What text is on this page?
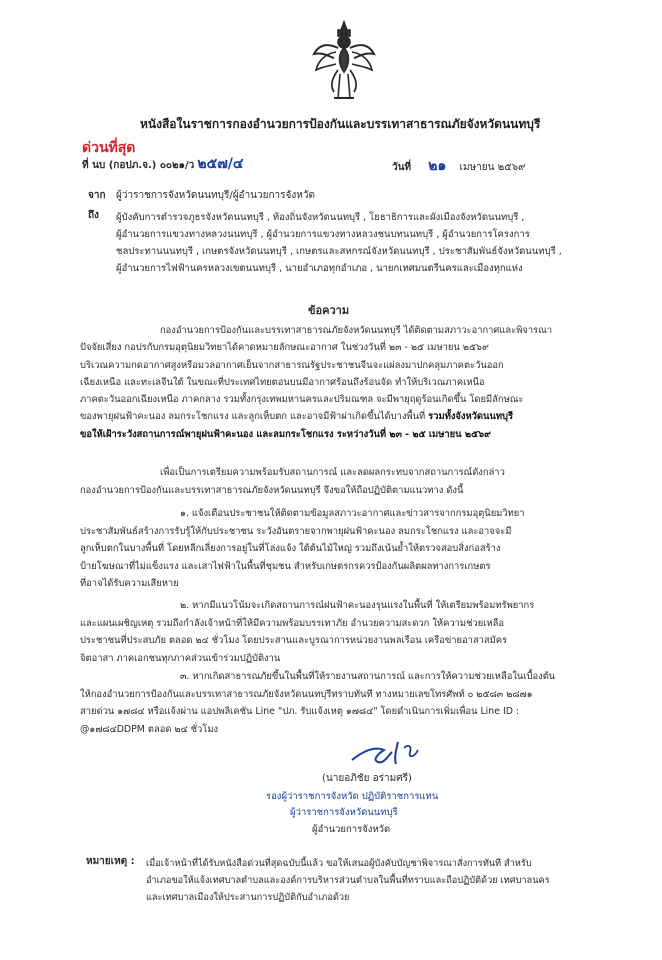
หนังสือในราชการกองอำนวยการป้องกันและบรรเทาสาธารณภัยจังหวัดนนทบุรี
ด่วนที่สุด
ที่ นบ (กอปภ.จ.) ๐๐๒๑/ว ๒๕๗/๔	วันที่ ๒๑ เมษายน ๒๕๖๙
จาก ผู้ว่าราชการจังหวัดนนทบุรี/ผู้อำนวยการจังหวัด
ถึง ผู้บังคับการตำรวจภูธรจังหวัดนนทบุรี , ท้องถิ่นจังหวัดนนทบุรี , โยธาธิการและผังเมืองจังหวัดนนทบุรี ,
ผู้อำนวยการแขวงทางหลวงนนทบุรี , ผู้อำนวยการแขวงทางหลวงชนบทนนทบุรี , ผู้อำนวยการโครงการ
ชลประทานนนทบุรี , เกษตรจังหวัดนนทบุรี , เกษตรและสหกรณ์จังหวัดนนทบุรี , ประชาสัมพันธ์จังหวัดนนทบุรี ,
ผู้อำนวยการไฟฟ้านครหลวงเขตนนทบุรี , นายอำเภอทุกอำเภอ , นายกเทศมนตรีนครและเมืองทุกแห่ง
ข้อความ
กองอำนวยการป้องกันและบรรเทาสาธารณภัยจังหวัดนนทบุรี ได้ติดตามสภาวะอากาศและพิจารณา
ปัจจัยเสี่ยง กอปรกับกรมอุตุนิยมวิทยาได้คาดหมายลักษณะอากาศ ในช่วงวันที่ ๒๓ - ๒๕ เมษายน ๒๕๖๙
บริเวณความกดอากาศสูงหรือมวลอากาศเย็นจากสาธารณรัฐประชาชนจีนจะแผ่ลงมาปกคลุมภาคตะวันออก
เฉียงเหนือ และทะเลจีนใต้ ในขณะที่ประเทศไทยตอนบนมีอากาศร้อนถึงร้อนจัด ทำให้บริเวณภาคเหนือ
ภาคตะวันออกเฉียงเหนือ ภาคกลาง รวมทั้งกรุงเทพมหานครและปริมณฑล จะมีพายุฤดูร้อนเกิดขึ้น โดยมีลักษณะ
ของพายุฝนฟ้าคะนอง ลมกระโชกแรง และลูกเห็บตก และอาจมีฟ้าผ่าเกิดขึ้นได้บางพื้นที่ รวมทั้งจังหวัดนนทบุรี
ขอให้เฝ้าระวังสถานการณ์พายุฝนฟ้าคะนอง และลมกระโชกแรง ระหว่างวันที่ ๒๓ - ๒๕ เมษายน ๒๕๖๙
เพื่อเป็นการเตรียมความพร้อมรับสถานการณ์ และลดผลกระทบจากสถานการณ์ดังกล่าว
กองอำนวยการป้องกันและบรรเทาสาธารณภัยจังหวัดนนทบุรี จึงขอให้ถือปฏิบัติตามแนวทาง ดังนี้
๑. แจ้งเตือนประชาชนให้ติดตามข้อมูลสภาวะอากาศและข่าวสารจากกรมอุตุนิยมวิทยา
ประชาสัมพันธ์สร้างการรับรู้ให้กับประชาชน ระวังอันตรายจากพายุฝนฟ้าคะนอง ลมกระโชกแรง และอาจจะมี
ลูกเห็บตกในบางพื้นที่ โดยหลีกเลี่ยงการอยู่ในที่โล่งแจ้ง ใต้ต้นไม้ใหญ่ รวมถึงเน้นย้ำให้ตรวจสอบสิ่งก่อสร้าง
ป้ายโฆษณาที่ไม่แข็งแรง และเสาไฟฟ้าในพื้นที่ชุมชน สำหรับเกษตรกรควรป้องกันผลิตผลทางการเกษตร
ที่อาจได้รับความเสียหาย
๒. หากมีแนวโน้มจะเกิดสถานการณ์ฝนฟ้าคะนองรุนแรงในพื้นที่ ให้เตรียมพร้อมทรัพยากร
และแผนเผชิญเหตุ รวมถึงกำลังเจ้าหน้าที่ให้มีความพร้อมบรรเทาภัย อำนวยความสะดวก ให้ความช่วยเหลือ
ประชาชนที่ประสบภัย ตลอด ๒๔ ชั่วโมง โดยประสานและบูรณาการหน่วยงานพลเรือน เครือข่ายอาสาสมัคร
จิตอาสา ภาคเอกชนทุกภาคส่วนเข้าร่วมปฏิบัติงาน
๓. หากเกิดสาธารณภัยขึ้นในพื้นที่ให้รายงานสถานการณ์ และการให้ความช่วยเหลือในเบื้องต้น
ให้กองอำนวยการป้องกันและบรรเทาสาธารณภัยจังหวัดนนทบุรีทราบทันที ทางหมายเลขโทรศัพท์ ๐ ๒๕๘๓ ๒๘๗๑
สายด่วน ๑๗๘๔ หรือแจ้งผ่าน แอปพลิเคชัน Line "ปภ. รับแจ้งเหตุ ๑๗๘๔" โดยดำเนินการเพิ่มเพื่อน Line ID :
@๑๗๘๔DDPM ตลอด ๒๔ ชั่วโมง
(นายอภิชัย อร่ามศรี)
รองผู้ว่าราชการจังหวัด ปฏิบัติราชการแทน
ผู้ว่าราชการจังหวัดนนทบุรี
ผู้อำนวยการจังหวัด
หมายเหตุ : เมื่อเจ้าหน้าที่ได้รับหนังสือด่วนที่สุดฉบับนี้แล้ว ขอให้เสนอผู้บังคับบัญชาพิจารณาสั่งการทันที สำหรับ
อำเภอขอให้แจ้งเทศบาลตำบลและองค์การบริหารส่วนตำบลในพื้นที่ทราบและถือปฏิบัติด้วย เทศบาลนคร
และเทศบาลเมืองให้ประสานการปฏิบัติกับอำเภอด้วย
